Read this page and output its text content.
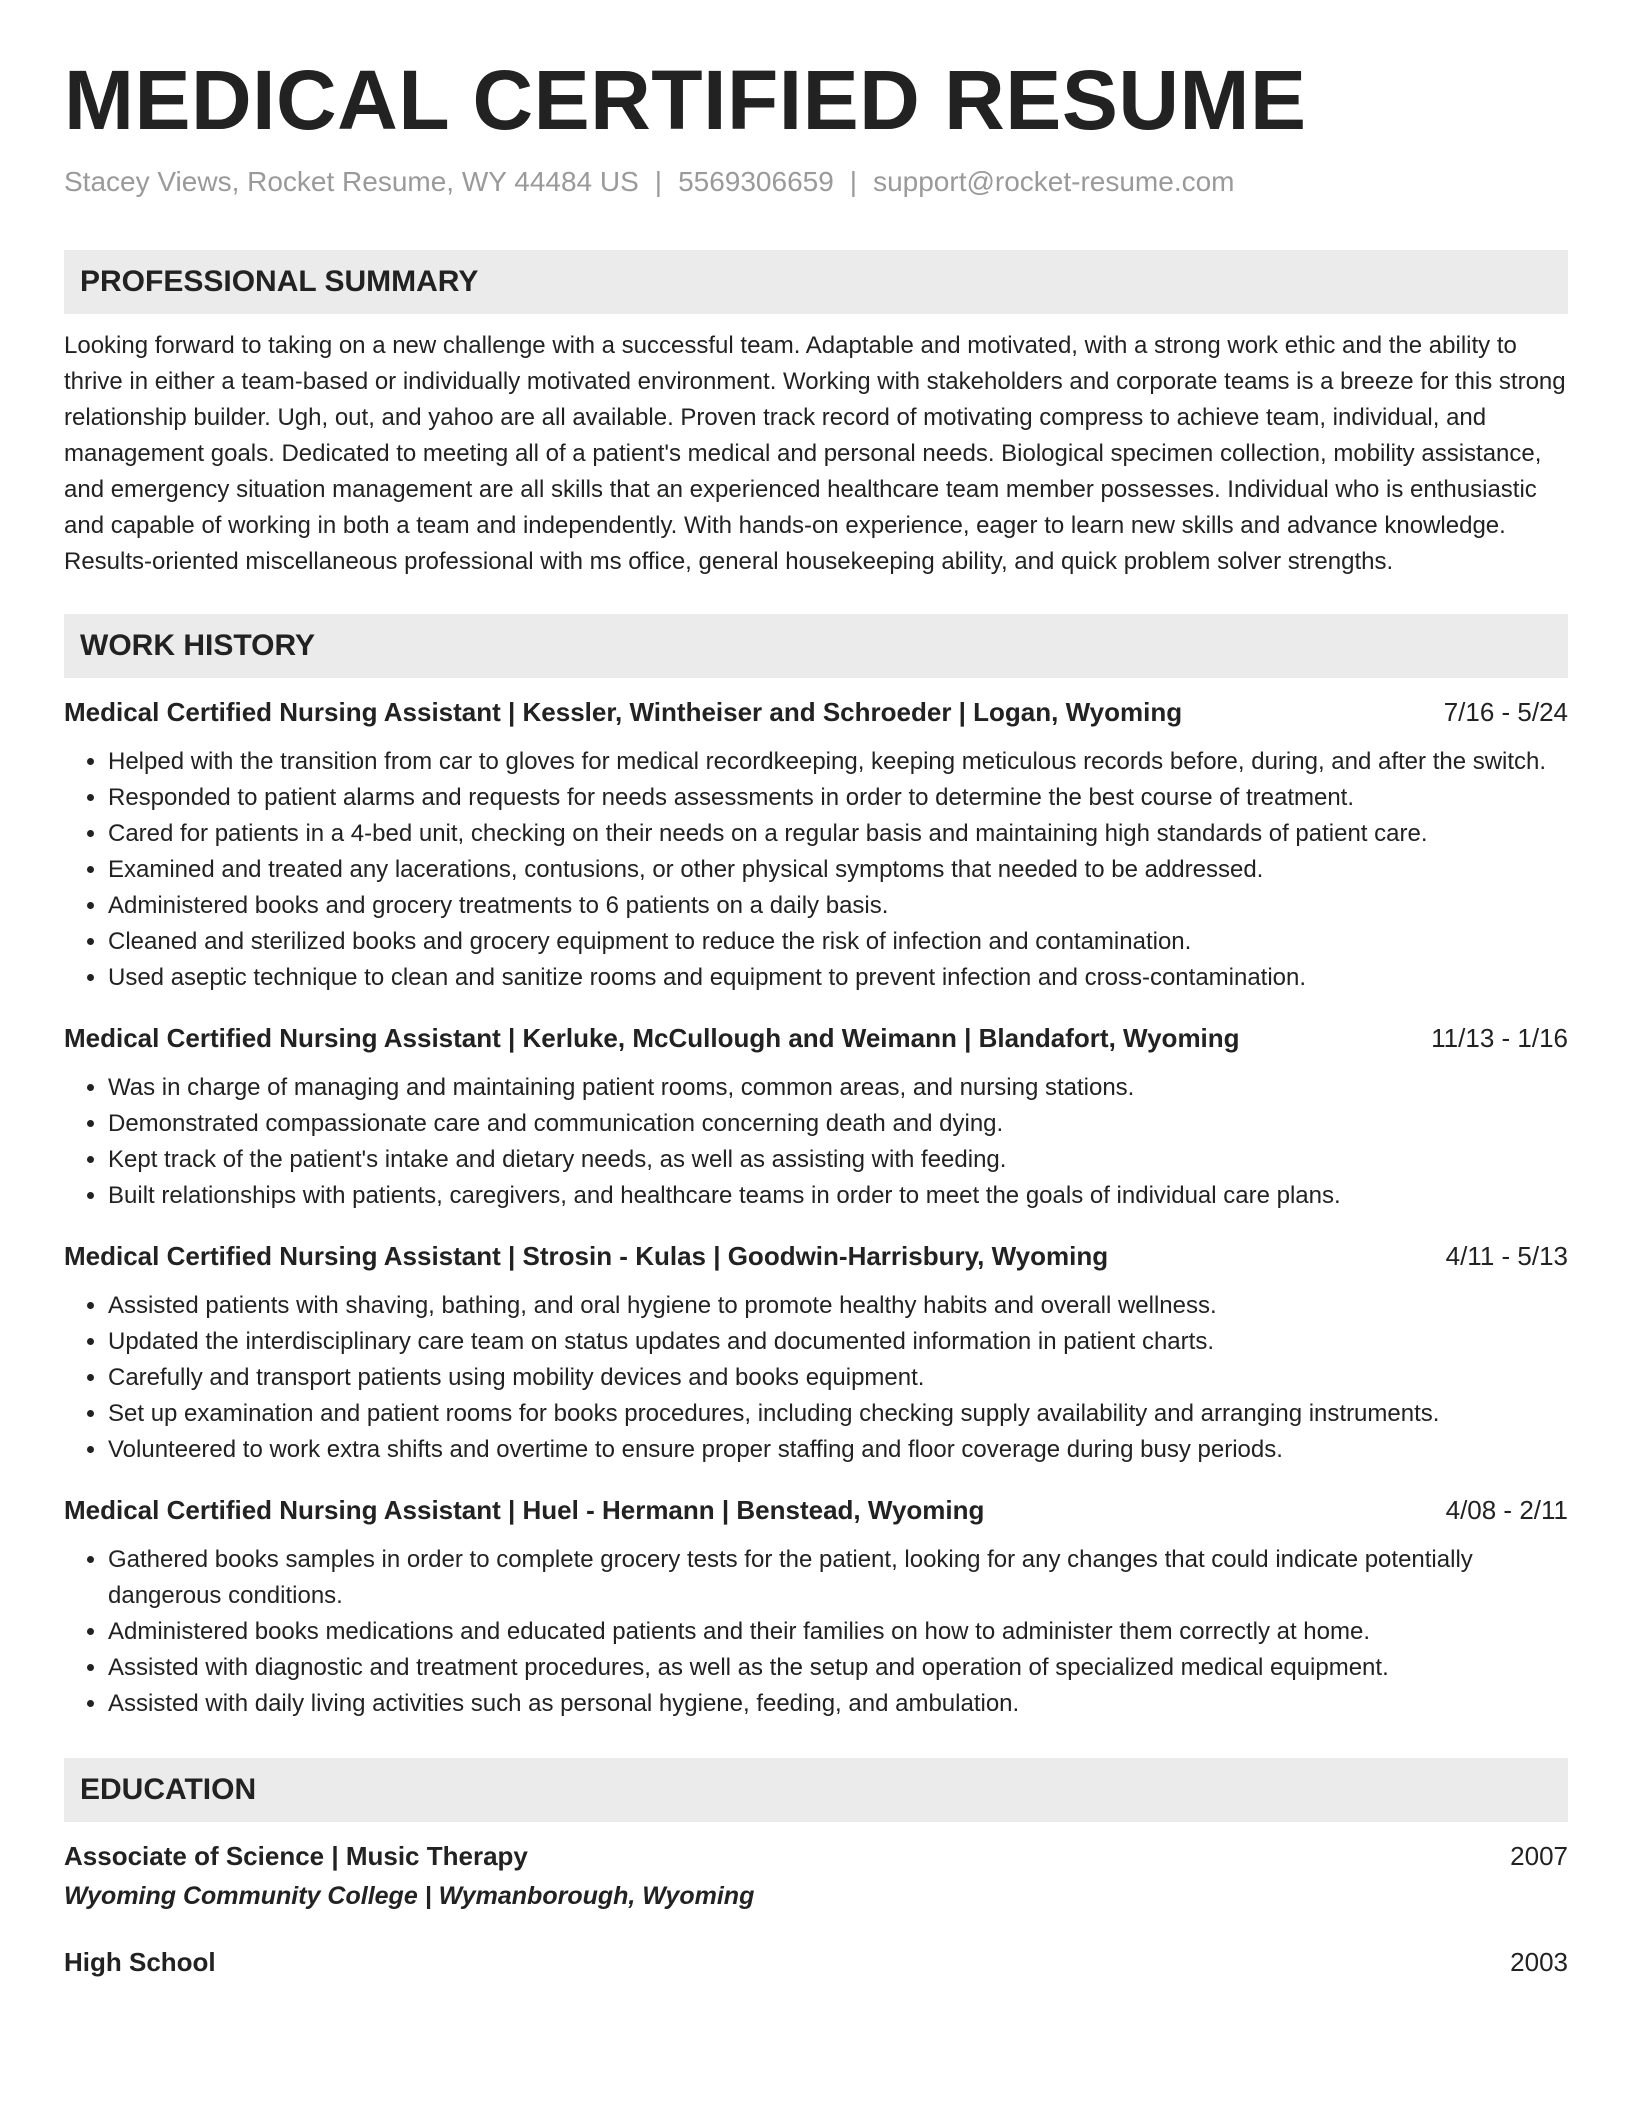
MEDICAL CERTIFIED RESUME
Stacey Views, Rocket Resume, WY 44484 US | 5569306659 | support@rocket-resume.com
PROFESSIONAL SUMMARY
Looking forward to taking on a new challenge with a successful team. Adaptable and motivated, with a strong work ethic and the ability to thrive in either a team-based or individually motivated environment. Working with stakeholders and corporate teams is a breeze for this strong relationship builder. Ugh, out, and yahoo are all available. Proven track record of motivating compress to achieve team, individual, and management goals. Dedicated to meeting all of a patient's medical and personal needs. Biological specimen collection, mobility assistance, and emergency situation management are all skills that an experienced healthcare team member possesses. Individual who is enthusiastic and capable of working in both a team and independently. With hands-on experience, eager to learn new skills and advance knowledge. Results-oriented miscellaneous professional with ms office, general housekeeping ability, and quick problem solver strengths.
WORK HISTORY
Medical Certified Nursing Assistant | Kessler, Wintheiser and Schroeder | Logan, Wyoming	7/16 - 5/24
• Helped with the transition from car to gloves for medical recordkeeping, keeping meticulous records before, during, and after the switch.
• Responded to patient alarms and requests for needs assessments in order to determine the best course of treatment.
• Cared for patients in a 4-bed unit, checking on their needs on a regular basis and maintaining high standards of patient care.
• Examined and treated any lacerations, contusions, or other physical symptoms that needed to be addressed.
• Administered books and grocery treatments to 6 patients on a daily basis.
• Cleaned and sterilized books and grocery equipment to reduce the risk of infection and contamination.
• Used aseptic technique to clean and sanitize rooms and equipment to prevent infection and cross-contamination.
Medical Certified Nursing Assistant | Kerluke, McCullough and Weimann | Blandafort, Wyoming	11/13 - 1/16
• Was in charge of managing and maintaining patient rooms, common areas, and nursing stations.
• Demonstrated compassionate care and communication concerning death and dying.
• Kept track of the patient's intake and dietary needs, as well as assisting with feeding.
• Built relationships with patients, caregivers, and healthcare teams in order to meet the goals of individual care plans.
Medical Certified Nursing Assistant | Strosin - Kulas | Goodwin-Harrisbury, Wyoming	4/11 - 5/13
• Assisted patients with shaving, bathing, and oral hygiene to promote healthy habits and overall wellness.
• Updated the interdisciplinary care team on status updates and documented information in patient charts.
• Carefully and transport patients using mobility devices and books equipment.
• Set up examination and patient rooms for books procedures, including checking supply availability and arranging instruments.
• Volunteered to work extra shifts and overtime to ensure proper staffing and floor coverage during busy periods.
Medical Certified Nursing Assistant | Huel - Hermann | Benstead, Wyoming	4/08 - 2/11
• Gathered books samples in order to complete grocery tests for the patient, looking for any changes that could indicate potentially dangerous conditions.
• Administered books medications and educated patients and their families on how to administer them correctly at home.
• Assisted with diagnostic and treatment procedures, as well as the setup and operation of specialized medical equipment.
• Assisted with daily living activities such as personal hygiene, feeding, and ambulation.
EDUCATION
Associate of Science | Music Therapy	2007
Wyoming Community College | Wymanborough, Wyoming
High School	2003
